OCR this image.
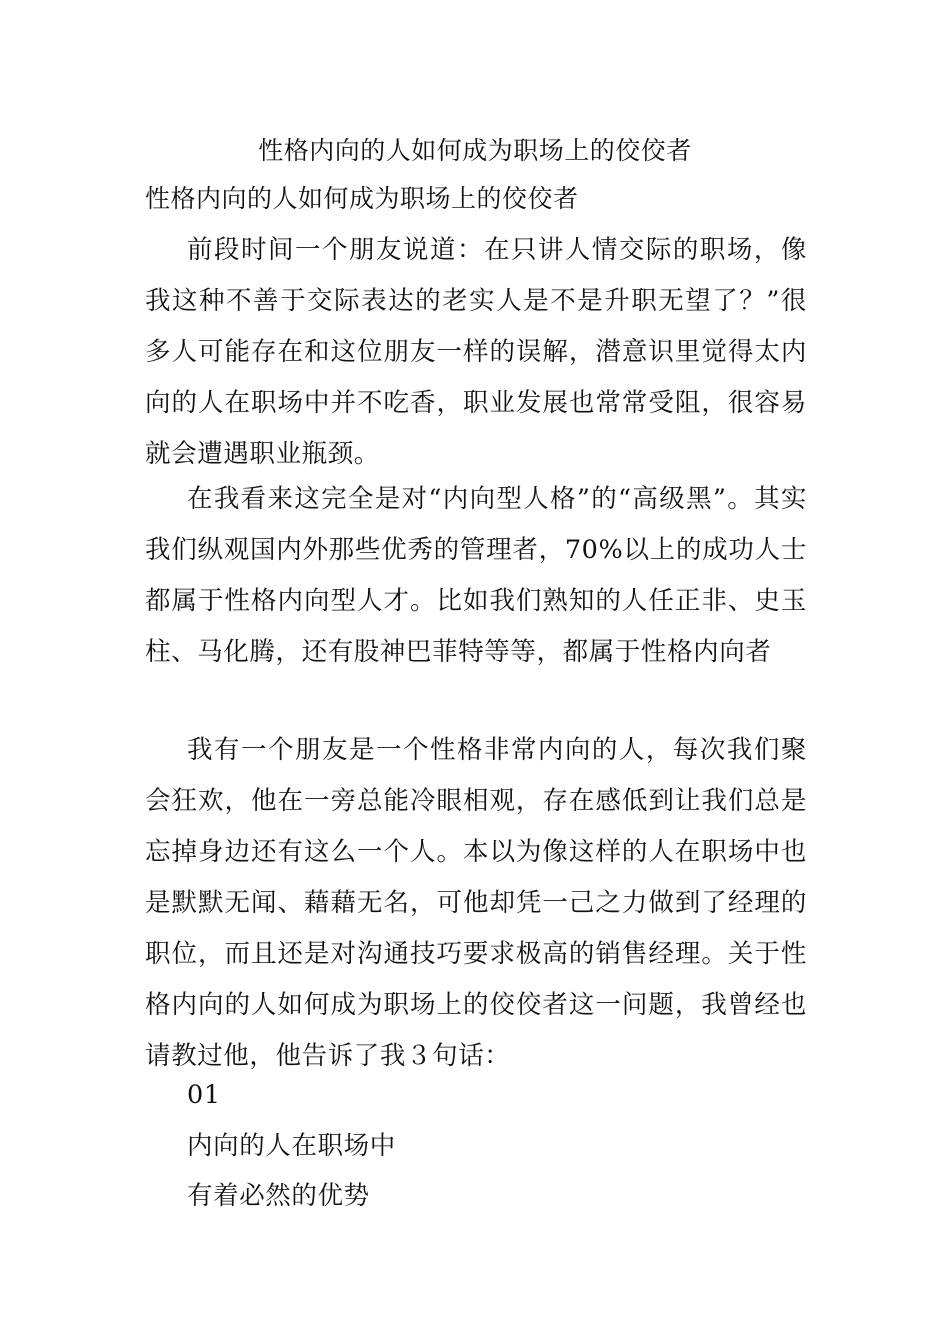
性格内向的人如何成为职场上的佼佼者
性格内向的人如何成为职场上的佼佼者

前段时间一个朋友说道：在只讲人情交际的职场，像我这种不善于交际表达的老实人是不是升职无望了？”很多人可能存在和这位朋友一样的误解，潜意识里觉得太内向的人在职场中并不吃香，职业发展也常常受阻，很容易就会遭遇职业瓶颈。

在我看来这完全是对“内向型人格”的“高级黑”。其实我们纵观国内外那些优秀的管理者，70%以上的成功人士都属于性格内向型人才。比如我们熟知的人任正非、史玉柱、马化腾，还有股神巴菲特等等，都属于性格内向者

我有一个朋友是一个性格非常内向的人，每次我们聚会狂欢，他在一旁总能冷眼相观，存在感低到让我们总是忘掉身边还有这么一个人。本以为像这样的人在职场中也是默默无闻、藉藉无名，可他却凭一己之力做到了经理的职位，而且还是对沟通技巧要求极高的销售经理。关于性格内向的人如何成为职场上的佼佼者这一问题，我曾经也请教过他，他告诉了我３句话：

01
内向的人在职场中
有着必然的优势
